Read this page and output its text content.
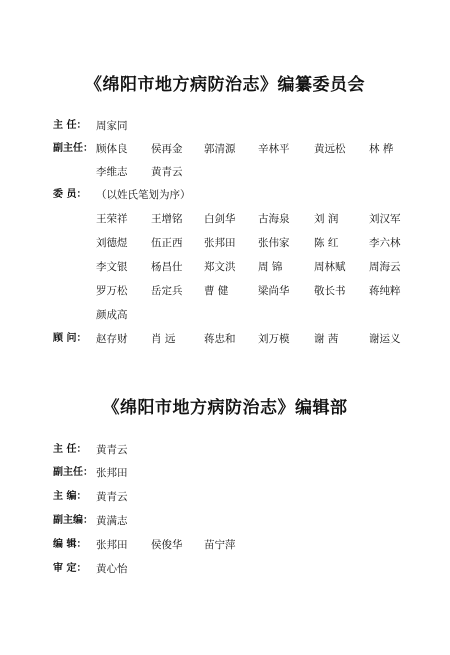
《绵阳市地方病防治志》编纂委员会
主 任： 周家同
副主任： 顾体良 侯再金 郭清源 辛林平 黄远松 林 桦
李维志 黄青云
委 员： （以姓氏笔划为序）
王荣祥 王增铭 白剑华 古海泉 刘 润	刘汉军
刘德煜 伍正西 张邦田 张伟家 陈 红	李六林
李文银 杨昌仕 郑文洪 周 锦	周林赋 周海云
罗万松 岳定兵 曹 健	梁尚华 敬长书 蒋纯粹
颜成高
顾 问： 赵存财 肖 远	蒋忠和 刘万模 谢 茜	谢运义
《绵阳市地方病防治志》编辑部
主 任： 黄青云
副主任： 张邦田
主 编： 黄青云
副主编： 黄满志
编 辑： 张邦田 侯俊华 苗宁萍
审 定： 黄心怡
